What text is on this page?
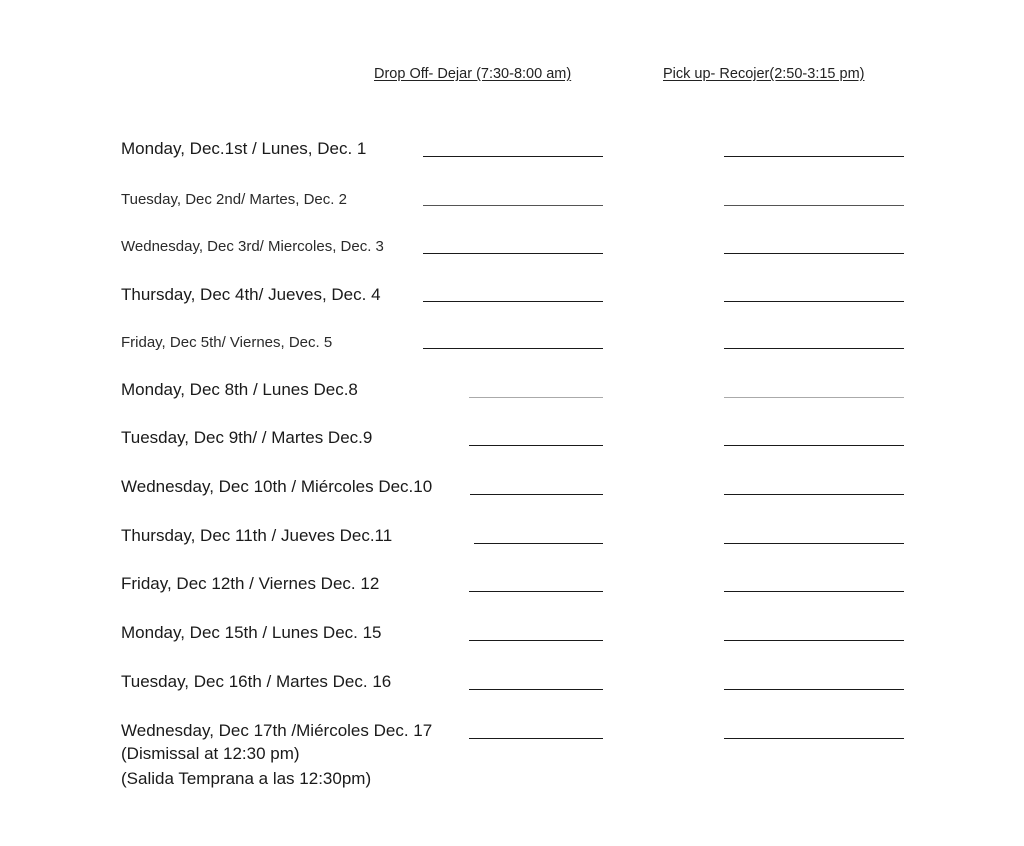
Drop Off- Dejar (7:30-8:00 am)	Pick up- Recojer(2:50-3:15 pm)
Monday, Dec.1st / Lunes, Dec. 1
Tuesday, Dec 2nd/ Martes, Dec. 2
Wednesday, Dec 3rd/ Miercoles, Dec. 3
Thursday, Dec 4th/ Jueves, Dec. 4
Friday, Dec 5th/ Viernes, Dec. 5
Monday, Dec 8th / Lunes Dec.8
Tuesday, Dec 9th/ / Martes Dec.9
Wednesday, Dec 10th / Miércoles Dec.10
Thursday, Dec 11th / Jueves Dec.11
Friday, Dec 12th / Viernes Dec. 12
Monday, Dec 15th / Lunes Dec. 15
Tuesday, Dec 16th / Martes Dec. 16
Wednesday, Dec 17th /Miércoles Dec. 17
(Dismissal at 12:30 pm)
(Salida Temprana a las 12:30pm)
